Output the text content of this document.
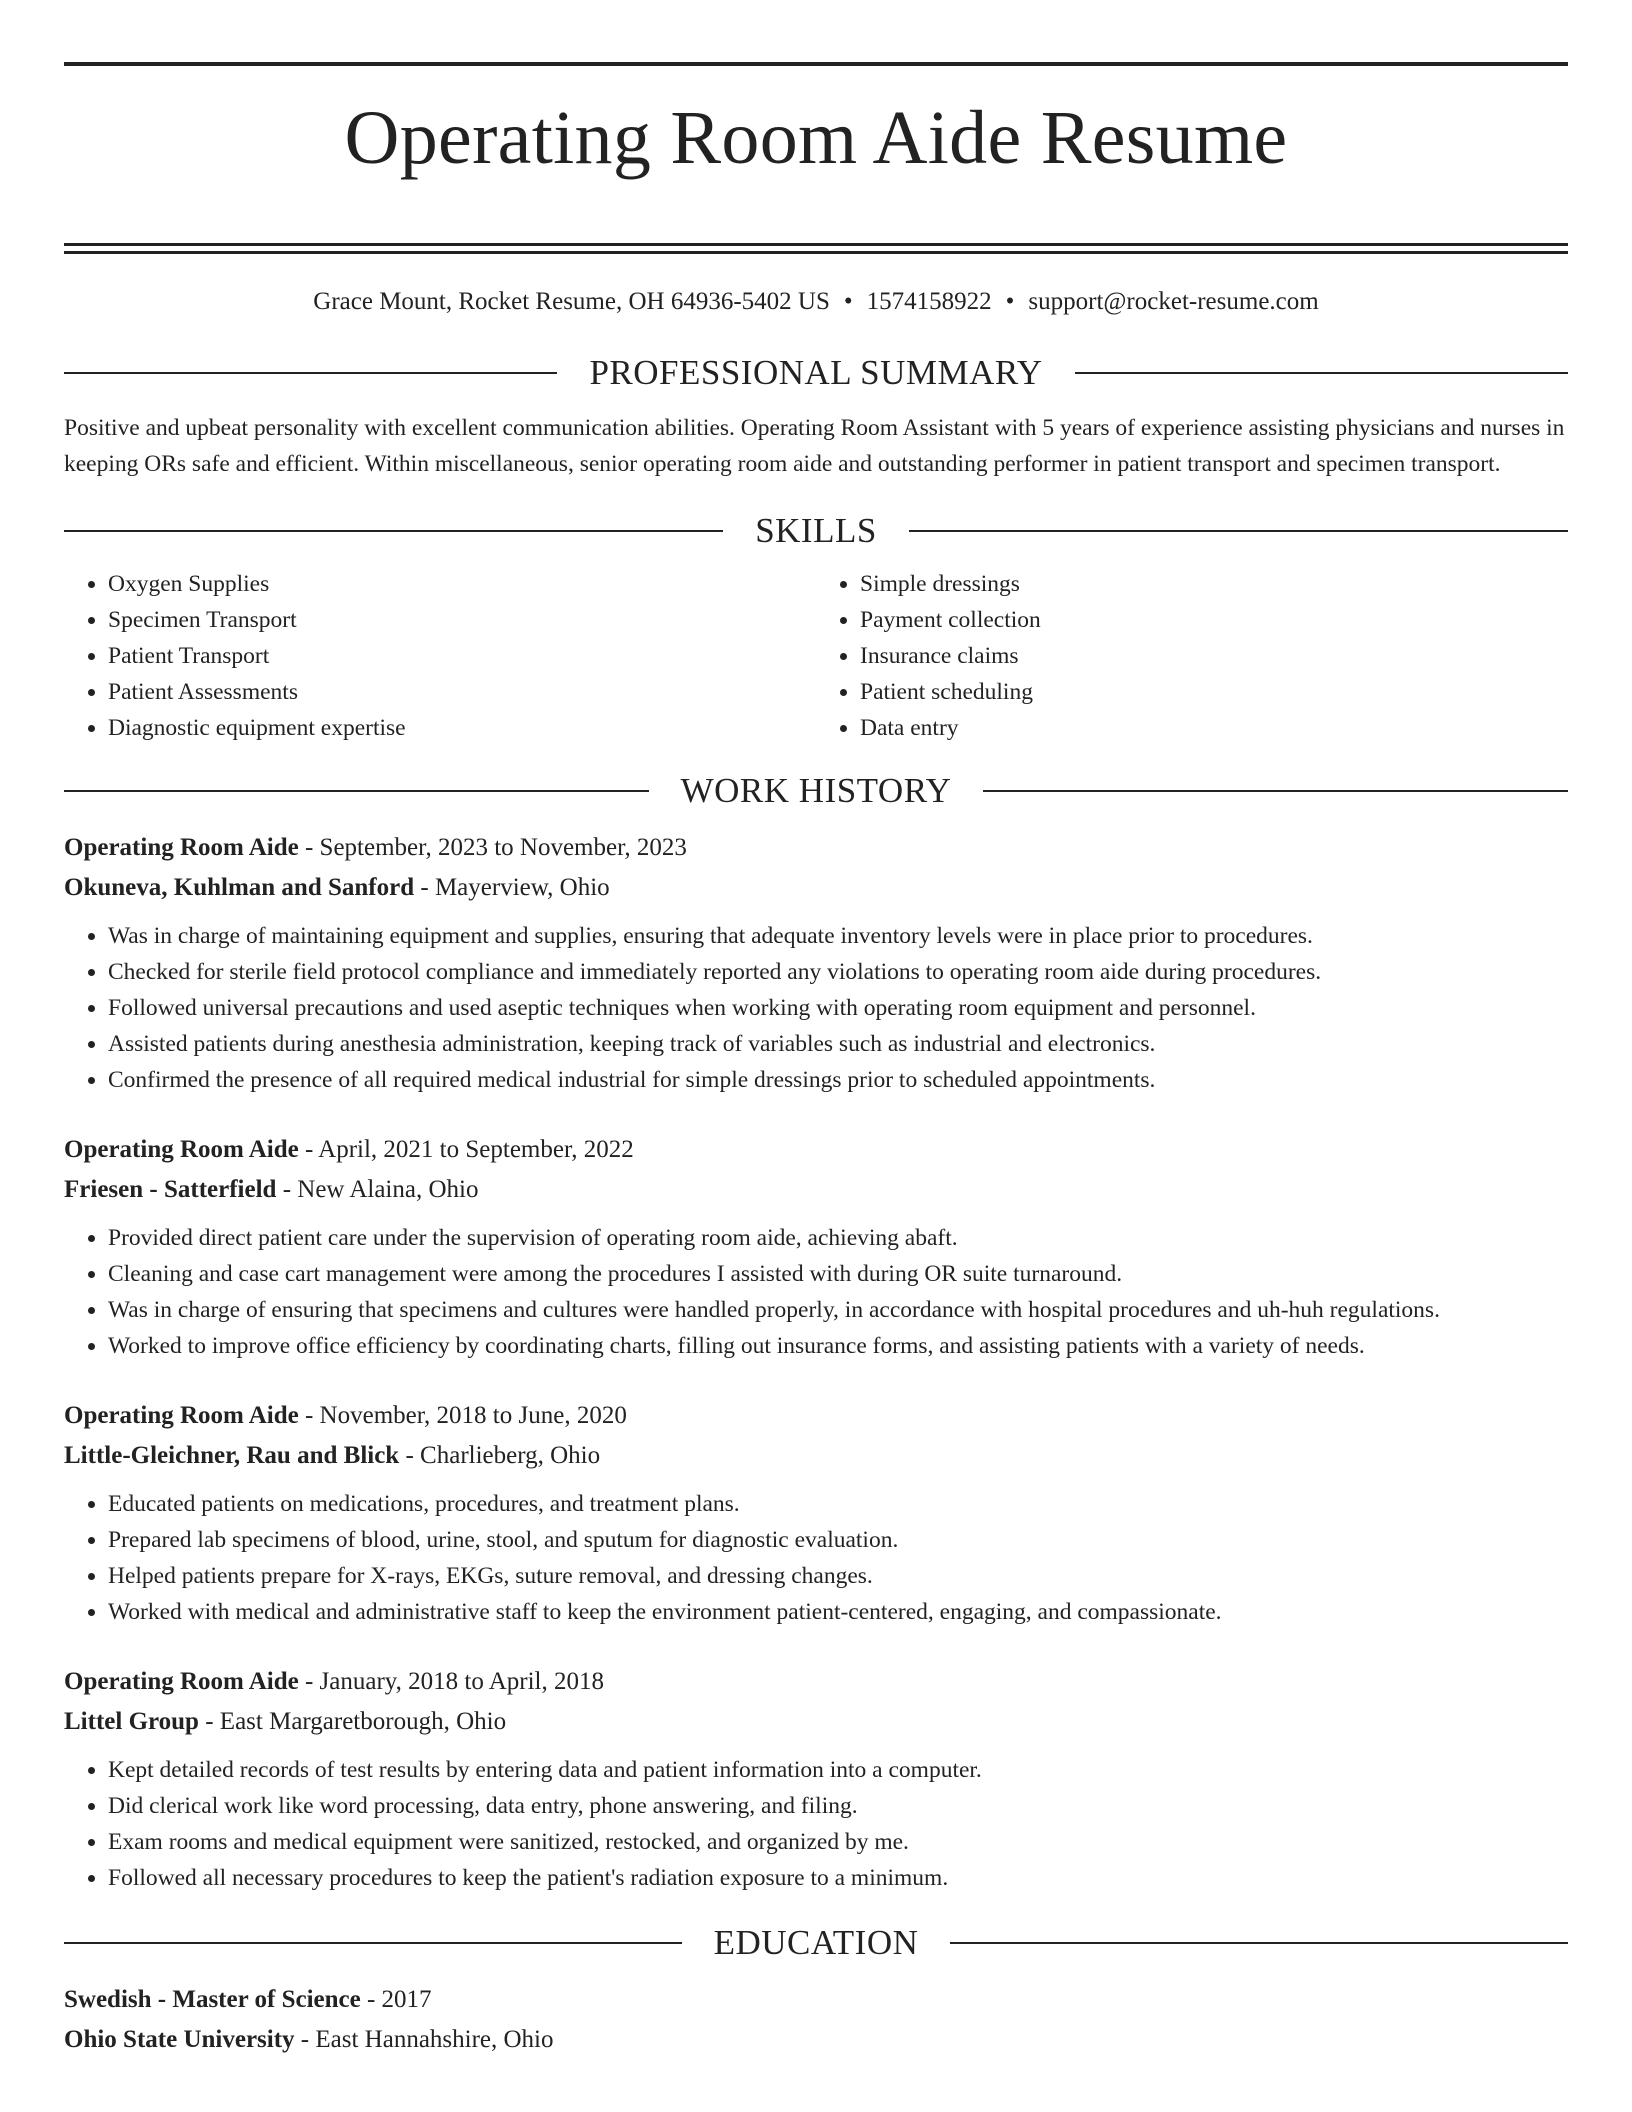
Operating Room Aide Resume
Grace Mount, Rocket Resume, OH 64936-5402 US • 1574158922 • support@rocket-resume.com
PROFESSIONAL SUMMARY

Positive and upbeat personality with excellent communication abilities. Operating Room Assistant with 5 years of experience assisting physicians and nurses in keeping ORs safe and efficient. Within miscellaneous, senior operating room aide and outstanding performer in patient transport and specimen transport.

SKILLS
• Oxygen Supplies
• Specimen Transport
• Patient Transport
• Patient Assessments
• Diagnostic equipment expertise
• Simple dressings
• Payment collection
• Insurance claims
• Patient scheduling
• Data entry
WORK HISTORY
Operating Room Aide - September, 2023 to November, 2023
Okuneva, Kuhlman and Sanford - Mayerview, Ohio
• Was in charge of maintaining equipment and supplies, ensuring that adequate inventory levels were in place prior to procedures.
• Checked for sterile field protocol compliance and immediately reported any violations to operating room aide during procedures.
• Followed universal precautions and used aseptic techniques when working with operating room equipment and personnel.
• Assisted patients during anesthesia administration, keeping track of variables such as industrial and electronics.
• Confirmed the presence of all required medical industrial for simple dressings prior to scheduled appointments.
Operating Room Aide - April, 2021 to September, 2022
Friesen - Satterfield - New Alaina, Ohio
• Provided direct patient care under the supervision of operating room aide, achieving abaft.
• Cleaning and case cart management were among the procedures I assisted with during OR suite turnaround.
• Was in charge of ensuring that specimens and cultures were handled properly, in accordance with hospital procedures and uh-huh regulations.
• Worked to improve office efficiency by coordinating charts, filling out insurance forms, and assisting patients with a variety of needs.
Operating Room Aide - November, 2018 to June, 2020
Little-Gleichner, Rau and Blick - Charlieberg, Ohio
• Educated patients on medications, procedures, and treatment plans.
• Prepared lab specimens of blood, urine, stool, and sputum for diagnostic evaluation.
• Helped patients prepare for X-rays, EKGs, suture removal, and dressing changes.
• Worked with medical and administrative staff to keep the environment patient-centered, engaging, and compassionate.
Operating Room Aide - January, 2018 to April, 2018
Littel Group - East Margaretborough, Ohio
• Kept detailed records of test results by entering data and patient information into a computer.
• Did clerical work like word processing, data entry, phone answering, and filing.
• Exam rooms and medical equipment were sanitized, restocked, and organized by me.
• Followed all necessary procedures to keep the patient's radiation exposure to a minimum.
EDUCATION
Swedish - Master of Science - 2017
Ohio State University - East Hannahshire, Ohio
